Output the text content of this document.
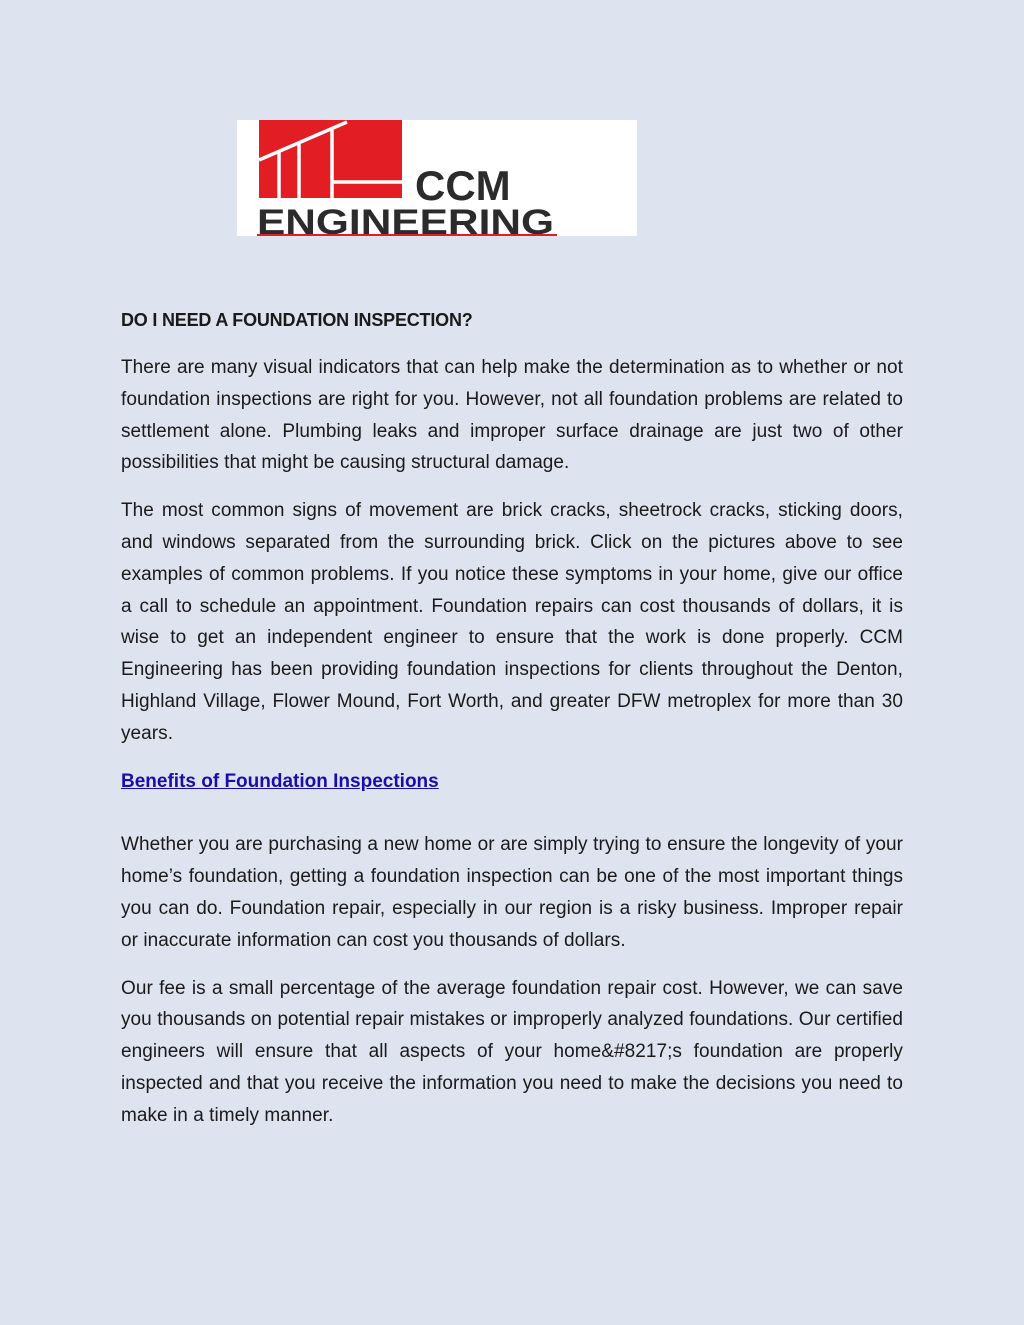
CCM
ENGINEERING
DO I NEED A FOUNDATION INSPECTION?

There are many visual indicators that can help make the determination as to whether or not foundation inspections are right for you. However, not all foundation problems are related to settlement alone. Plumbing leaks and improper surface drainage are just two of other possibilities that might be causing structural damage.

The most common signs of movement are brick cracks, sheetrock cracks, sticking doors, and windows separated from the surrounding brick. Click on the pictures above to see examples of common problems. If you notice these symptoms in your home, give our office a call to schedule an appointment. Foundation repairs can cost thousands of dollars, it is wise to get an independent engineer to ensure that the work is done properly. CCM Engineering has been providing foundation inspections for clients throughout the Denton, Highland Village, Flower Mound, Fort Worth, and greater DFW metroplex for more than 30 years.

Benefits of Foundation Inspections

Whether you are purchasing a new home or are simply trying to ensure the longevity of your home’s foundation, getting a foundation inspection can be one of the most important things you can do. Foundation repair, especially in our region is a risky business. Improper repair or inaccurate information can cost you thousands of dollars.

Our fee is a small percentage of the average foundation repair cost. However, we can save you thousands on potential repair mistakes or improperly analyzed foundations. Our certified engineers will ensure that all aspects of your home&#8217;s foundation are properly inspected and that you receive the information you need to make the decisions you need to make in a timely manner.
